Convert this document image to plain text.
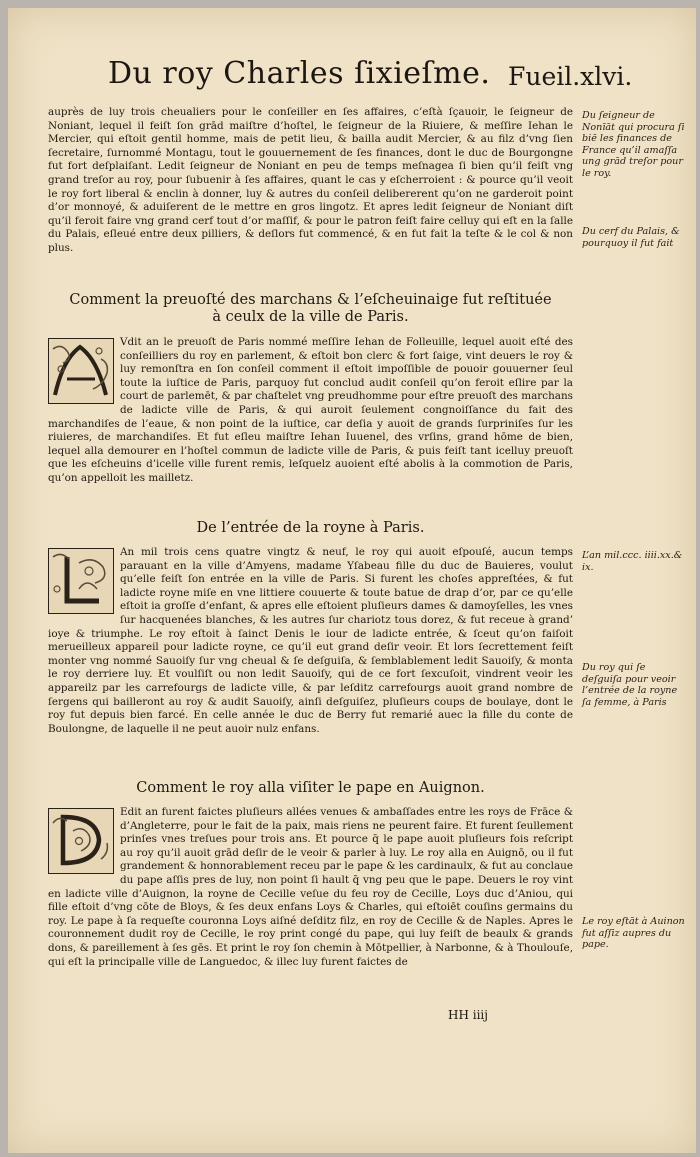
Du roy Charles ſixieſme. Fueil.xlvi.

auprès de luy trois cheualiers pour le conſeiller en ſes affaires, c’eſtà ſçauoir, le ſeigneur de Noniant, lequel il feiſt ſon grād maiſtre d’hoſtel, le ſeigneur de la Riuiere, & meſſire Iehan le Mercier, qui eſtoit gentil homme, mais de petit lieu, & bailla audit Mercier, & au filz d’vng ſien ſecretaire, ſurnommé Montagu, tout le gouuernement de ſes finances, dont le duc de Bourgongne fut fort deſplaiſant. Ledit ſeigneur de Noniant en peu de temps meſnagea ſi bien qu’il feiſt vng grand treſor au roy, pour ſubuenir à ſes affaires, quant le cas y eſcherroient : & pource qu’il veoit le roy fort liberal & enclin à donner, luy & autres du conſeil delibererent qu’on ne garderoit point d’or monnoyé, & aduiſerent de le mettre en gros lingotz. Et apres ledit ſeigneur de Noniant diſt qu’il feroit faire vng grand cerf tout d’or maſſif, & pour le patron feiſt faire celluy qui eſt en la ſalle du Palais, eſleué entre deux pilliers, & deſlors fut commencé, & en fut fait la teſte & le col & non plus.

Comment la preuoſté des marchans & l’eſcheuinaige fut reſtituée
à ceulx de la ville de Paris.

Vdit an le preuoſt de Paris nommé meſſire Iehan de Folleuille, lequel auoit eſté des conſeilliers du roy en parlement, & eſtoit bon clerc & fort ſaige, vint deuers le roy & luy remonſtra en ſon conſeil comment il eſtoit impoſſible de pouoir gouuerner ſeul toute la iuſtice de Paris, parquoy fut conclud audit conſeil qu’on feroit eſlire par la court de parlemēt, & par chaſtelet vng preudhomme pour eſtre preuoſt des marchans de ladicte ville de Paris, & qui auroit ſeulement congnoiſſance du fait des marchandiſes de l’eaue, & non point de la iuſtice, car deſia y auoit de grands ſurpriniſes ſur les riuieres, de marchandiſes. Et fut eſleu maiſtre Iehan Iuuenel, des vrſins, grand hōme de bien, lequel alla demourer en l’hoſtel commun de ladicte ville de Paris, & puis feiſt tant icelluy preuoſt que les eſcheuins d’icelle ville furent remis, leſquelz auoient eſté abolis à la commotion de Paris, qu’on appelloit les mailletz.

De l’entrée de la royne à Paris.

An mil trois cens quatre vingtz & neuf, le roy qui auoit eſpouſé, aucun temps parauant en la ville d’Amyens, madame Yſabeau fille du duc de Bauieres, voulut qu’elle feiſt ſon entrée en la ville de Paris. Si furent les choſes appreſtées, & fut ladicte royne miſe en vne littiere couuerte & toute batue de drap d’or, par ce qu’elle eſtoit ia groſſe d’enfant, & apres elle eſtoient pluſieurs dames & damoyſelles, les vnes ſur hacquenées blanches, & les autres ſur chariotz tous dorez, & fut receue à grand’ ioye & triumphe. Le roy eſtoit à ſainct Denis le iour de ladicte entrée, & ſceut qu’on faiſoit merueilleux appareil pour ladicte royne, ce qu’il eut grand deſir veoir. Et lors ſecrettement feiſt monter vng nommé Sauoiſy ſur vng cheual & ſe deſguiſa, & ſemblablement ledit Sauoiſy, & monta le roy derriere luy. Et voulſiſt ou non ledit Sauoiſy, qui de ce fort ſexcuſoit, vindrent veoir les appareilz par les carrefourgs de ladicte ville, & par leſditz carrefourgs auoit grand nombre de ſergens qui bailleront au roy & audit Sauoiſy, ainſi deſguiſez, pluſieurs coups de boulaye, dont le roy fut depuis bien farcé. En celle année le duc de Berry fut remarié auec la fille du conte de Boulongne, de laquelle il ne peut auoir nulz enfans.

Comment le roy alla viſiter le pape en Auignon.

Edit an furent faictes pluſieurs allées venues & ambaſſades entre les roys de Frāce & d’Angleterre, pour le fait de la paix, mais riens ne peurent faire. Et furent ſeullement prinſes vnes treſues pour trois ans. Et pource q̄ le pape auoit pluſieurs fois reſcript au roy qu’il auoit grād deſir de le veoir & parler à luy. Le roy alla en Auignō, ou il fut grandement & honnorablement receu par le pape & les cardinaulx, & fut au conclaue du pape aſſis pres de luy, non point ſi hault q̄ vng peu que le pape. Deuers le roy vint en ladicte ville d’Auignon, la royne de Cecille veſue du feu roy de Cecille, Loys duc d’Aniou, qui fille eſtoit d’vng cōte de Bloys, & ſes deux enfans Loys & Charles, qui eſtoiēt couſins germains du roy. Le pape à ſa requeſte couronna Loys aiſné deſditz filz, en roy de Cecille & de Naples. Apres le couronnement dudit roy de Cecille, le roy print congé du pape, qui luy feiſt de beaulx & grands dons, & pareillement à ſes gēs. Et print le roy ſon chemin à Mōtpellier, à Narbonne, & à Thoulouſe, qui eſt la principalle ville de Languedoc, & illec luy furent faictes de

Du ſeigneur de Nonīāt qui procura ſi biē les finances de France qu’il amaſſa ung grād treſor pour le roy.
Du cerf du Palais, & pourquoy il fut fait
L’an mil.ccc. iiii.xx.& ix.
Du roy qui ſe deſguiſa pour veoir l’entrée de la royne ſa femme, à Paris
Le roy eſtāt à Auinon fut aſſiz aupres du pape.
HH iiij
